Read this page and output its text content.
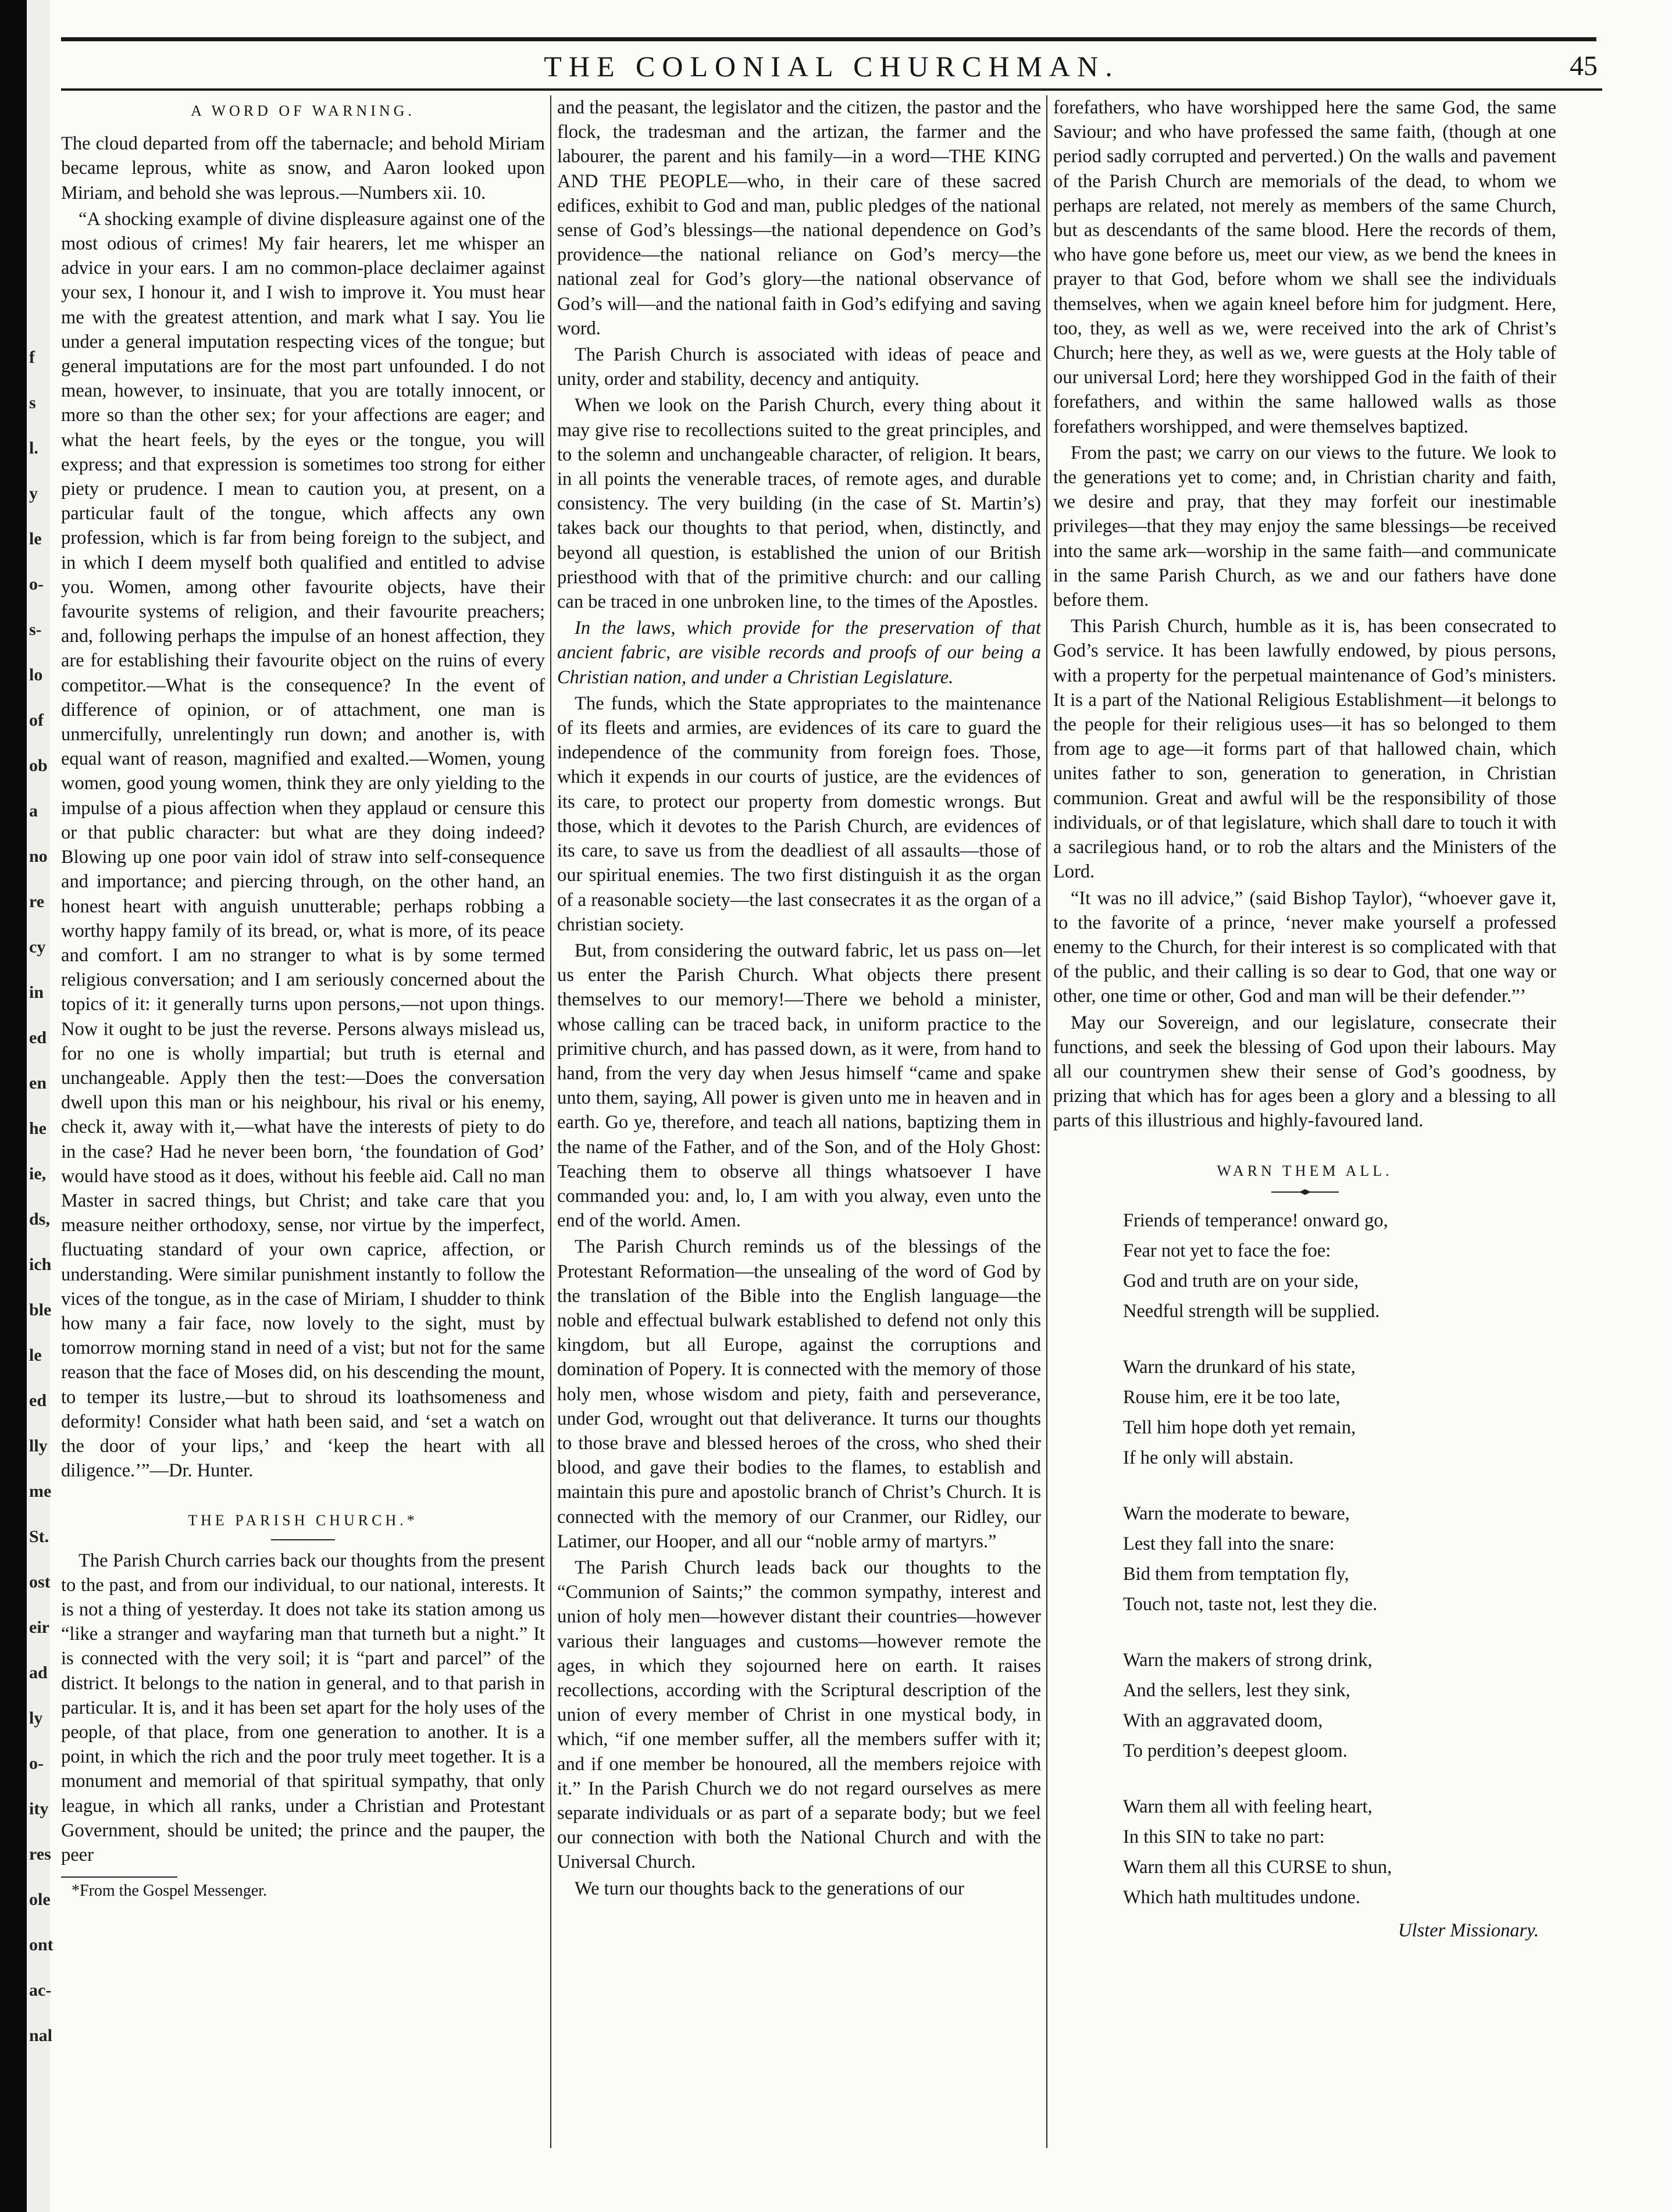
f
s
l.
y
le
o-
s-
lo
of
ob
a
no
re
cy
in
ed
en
he
ie,
ds,
ich
ble
le
ed
lly
me
St.
ost
eir
ad
ly
o-
ity
res
ole
ont
ac-
nal
THE COLONIAL CHURCHMAN.	45
A WORD OF WARNING.

The cloud departed from off the tabernacle; and behold Miriam became leprous, white as snow, and Aaron looked upon Miriam, and behold she was leprous.—Numbers xii. 10.

“A shocking example of divine displeasure against one of the most odious of crimes! My fair hearers, let me whisper an advice in your ears. I am no common-place declaimer against your sex, I honour it, and I wish to improve it. You must hear me with the greatest attention, and mark what I say. You lie under a general imputation respecting vices of the tongue; but general imputations are for the most part unfounded. I do not mean, however, to insinuate, that you are totally innocent, or more so than the other sex; for your affections are eager; and what the heart feels, by the eyes or the tongue, you will express; and that expression is sometimes too strong for either piety or prudence. I mean to caution you, at present, on a particular fault of the tongue, which affects any own profession, which is far from being foreign to the subject, and in which I deem myself both qualified and entitled to advise you. Women, among other favourite objects, have their favourite systems of religion, and their favourite preachers; and, following perhaps the impulse of an honest affection, they are for establishing their favourite object on the ruins of every competitor.—What is the consequence? In the event of difference of opinion, or of attachment, one man is unmercifully, unrelentingly run down; and another is, with equal want of reason, magnified and exalted.—Women, young women, good young women, think they are only yielding to the impulse of a pious affection when they applaud or censure this or that public character: but what are they doing indeed? Blowing up one poor vain idol of straw into self-consequence and importance; and piercing through, on the other hand, an honest heart with anguish unutterable; perhaps robbing a worthy happy family of its bread, or, what is more, of its peace and comfort. I am no stranger to what is by some termed religious conversation; and I am seriously concerned about the topics of it: it generally turns upon persons,—not upon things. Now it ought to be just the reverse. Persons always mislead us, for no one is wholly impartial; but truth is eternal and unchangeable. Apply then the test:—Does the conversation dwell upon this man or his neighbour, his rival or his enemy, check it, away with it,—what have the interests of piety to do in the case? Had he never been born, ‘the foundation of God’ would have stood as it does, without his feeble aid. Call no man Master in sacred things, but Christ; and take care that you measure neither orthodoxy, sense, nor virtue by the imperfect, fluctuating standard of your own caprice, affection, or understanding. Were similar punishment instantly to follow the vices of the tongue, as in the case of Miriam, I shudder to think how many a fair face, now lovely to the sight, must by tomorrow morning stand in need of a vist; but not for the same reason that the face of Moses did, on his descending the mount, to temper its lustre,—but to shroud its loathsomeness and deformity! Consider what hath been said, and ‘set a watch on the door of your lips,’ and ‘keep the heart with all diligence.’”—Dr. Hunter.

THE PARISH CHURCH.*

The Parish Church carries back our thoughts from the present to the past, and from our individual, to our national, interests. It is not a thing of yesterday. It does not take its station among us “like a stranger and wayfaring man that turneth but a night.” It is connected with the very soil; it is “part and parcel” of the district. It belongs to the nation in general, and to that parish in particular. It is, and it has been set apart for the holy uses of the people, of that place, from one generation to another. It is a point, in which the rich and the poor truly meet together. It is a monument and memorial of that spiritual sympathy, that only league, in which all ranks, under a Christian and Protestant Government, should be united; the prince and the pauper, the peer

*From the Gospel Messenger.

and the peasant, the legislator and the citizen, the pastor and the flock, the tradesman and the artizan, the farmer and the labourer, the parent and his family—in a word—THE KING AND THE PEOPLE—who, in their care of these sacred edifices, exhibit to God and man, public pledges of the national sense of God’s blessings—the national dependence on God’s providence—the national reliance on God’s mercy—the national zeal for God’s glory—the national observance of God’s will—and the national faith in God’s edifying and saving word.

The Parish Church is associated with ideas of peace and unity, order and stability, decency and antiquity.

When we look on the Parish Church, every thing about it may give rise to recollections suited to the great principles, and to the solemn and unchangeable character, of religion. It bears, in all points the venerable traces, of remote ages, and durable consistency. The very building (in the case of St. Martin’s) takes back our thoughts to that period, when, distinctly, and beyond all question, is established the union of our British priesthood with that of the primitive church: and our calling can be traced in one unbroken line, to the times of the Apostles.

In the laws, which provide for the preservation of that ancient fabric, are visible records and proofs of our being a Christian nation, and under a Christian Legislature.

The funds, which the State appropriates to the maintenance of its fleets and armies, are evidences of its care to guard the independence of the community from foreign foes. Those, which it expends in our courts of justice, are the evidences of its care, to protect our property from domestic wrongs. But those, which it devotes to the Parish Church, are evidences of its care, to save us from the deadliest of all assaults—those of our spiritual enemies. The two first distinguish it as the organ of a reasonable society—the last consecrates it as the organ of a christian society.

But, from considering the outward fabric, let us pass on—let us enter the Parish Church. What objects there present themselves to our memory!—There we behold a minister, whose calling can be traced back, in uniform practice to the primitive church, and has passed down, as it were, from hand to hand, from the very day when Jesus himself “came and spake unto them, saying, All power is given unto me in heaven and in earth. Go ye, therefore, and teach all nations, baptizing them in the name of the Father, and of the Son, and of the Holy Ghost: Teaching them to observe all things whatsoever I have commanded you: and, lo, I am with you alway, even unto the end of the world. Amen.

The Parish Church reminds us of the blessings of the Protestant Reformation—the unsealing of the word of God by the translation of the Bible into the English language—the noble and effectual bulwark established to defend not only this kingdom, but all Europe, against the corruptions and domination of Popery. It is connected with the memory of those holy men, whose wisdom and piety, faith and perseverance, under God, wrought out that deliverance. It turns our thoughts to those brave and blessed heroes of the cross, who shed their blood, and gave their bodies to the flames, to establish and maintain this pure and apostolic branch of Christ’s Church. It is connected with the memory of our Cranmer, our Ridley, our Latimer, our Hooper, and all our “noble army of martyrs.”

The Parish Church leads back our thoughts to the “Communion of Saints;” the common sympathy, interest and union of holy men—however distant their countries—however various their languages and customs—however remote the ages, in which they sojourned here on earth. It raises recollections, according with the Scriptural description of the union of every member of Christ in one mystical body, in which, “if one member suffer, all the members suffer with it; and if one member be honoured, all the members rejoice with it.” In the Parish Church we do not regard ourselves as mere separate individuals or as part of a separate body; but we feel our connection with both the National Church and with the Universal Church.

We turn our thoughts back to the generations of our

forefathers, who have worshipped here the same God, the same Saviour; and who have professed the same faith, (though at one period sadly corrupted and perverted.) On the walls and pavement of the Parish Church are memorials of the dead, to whom we perhaps are related, not merely as members of the same Church, but as descendants of the same blood. Here the records of them, who have gone before us, meet our view, as we bend the knees in prayer to that God, before whom we shall see the individuals themselves, when we again kneel before him for judgment. Here, too, they, as well as we, were received into the ark of Christ’s Church; here they, as well as we, were guests at the Holy table of our universal Lord; here they worshipped God in the faith of their forefathers, and within the same hallowed walls as those forefathers worshipped, and were themselves baptized.

From the past; we carry on our views to the future. We look to the generations yet to come; and, in Christian charity and faith, we desire and pray, that they may forfeit our inestimable privileges—that they may enjoy the same blessings—be received into the same ark—worship in the same faith—and communicate in the same Parish Church, as we and our fathers have done before them.

This Parish Church, humble as it is, has been consecrated to God’s service. It has been lawfully endowed, by pious persons, with a property for the perpetual maintenance of God’s ministers. It is a part of the National Religious Establishment—it belongs to the people for their religious uses—it has so belonged to them from age to age—it forms part of that hallowed chain, which unites father to son, generation to generation, in Christian communion. Great and awful will be the responsibility of those individuals, or of that legislature, which shall dare to touch it with a sacrilegious hand, or to rob the altars and the Ministers of the Lord.

“It was no ill advice,” (said Bishop Taylor), “whoever gave it, to the favorite of a prince, ‘never make yourself a professed enemy to the Church, for their interest is so complicated with that of the public, and their calling is so dear to God, that one way or other, one time or other, God and man will be their defender.”’

May our Sovereign, and our legislature, consecrate their functions, and seek the blessing of God upon their labours. May all our countrymen shew their sense of God’s goodness, by prizing that which has for ages been a glory and a blessing to all parts of this illustrious and highly-favoured land.

WARN THEM ALL.

Friends of temperance! onward go,

Fear not yet to face the foe:

God and truth are on your side,

Needful strength will be supplied.

Warn the drunkard of his state,

Rouse him, ere it be too late,

Tell him hope doth yet remain,

If he only will abstain.

Warn the moderate to beware,

Lest they fall into the snare:

Bid them from temptation fly,

Touch not, taste not, lest they die.

Warn the makers of strong drink,

And the sellers, lest they sink,

With an aggravated doom,

To perdition’s deepest gloom.

Warn them all with feeling heart,

In this SIN to take no part:

Warn them all this CURSE to shun,

Which hath multitudes undone.

Ulster Missionary.
